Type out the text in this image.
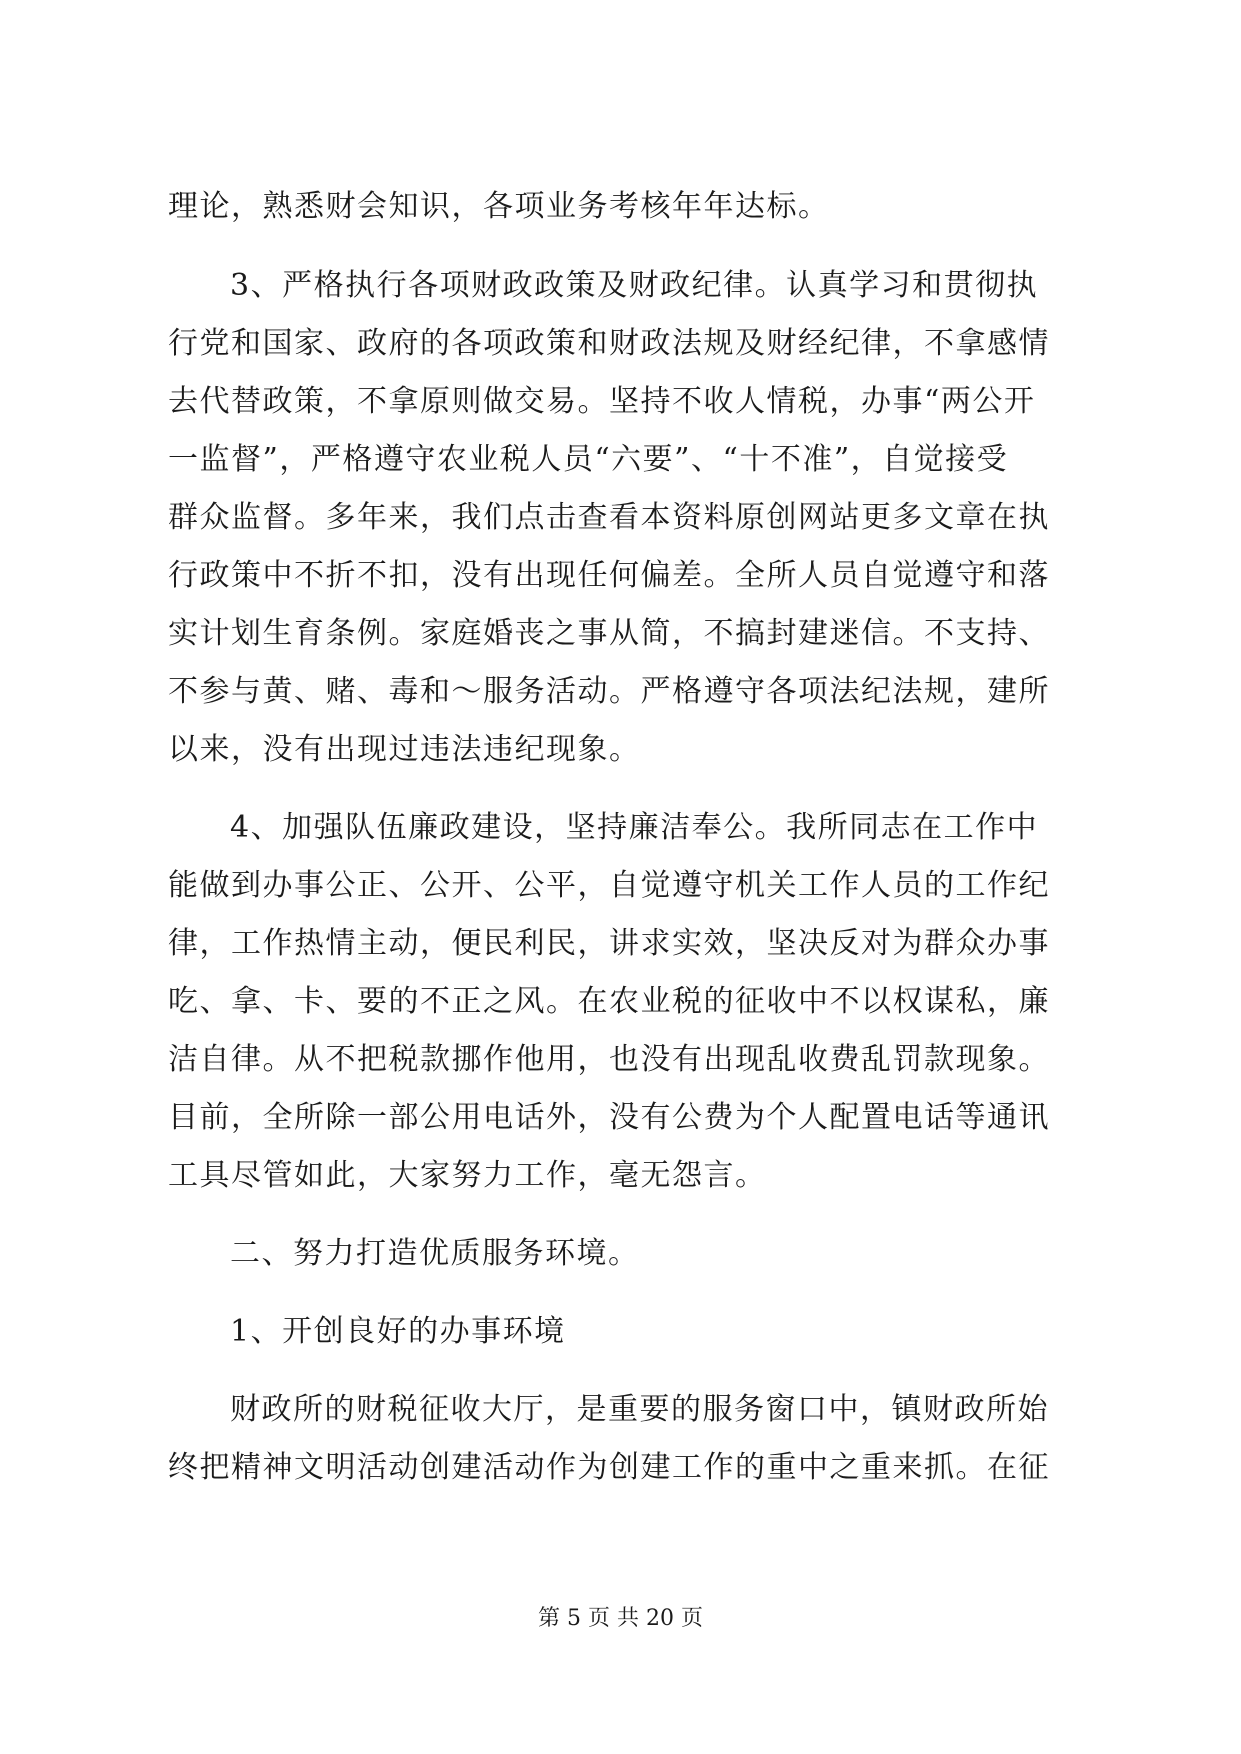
理论，熟悉财会知识，各项业务考核年年达标。
3、严格执行各项财政政策及财政纪律。认真学习和贯彻执
行党和国家、政府的各项政策和财政法规及财经纪律，不拿感情
去代替政策，不拿原则做交易。坚持不收人情税，办事“两公开
一监督”，严格遵守农业税人员“六要”、“十不准”，自觉接受
群众监督。多年来，我们点击查看本资料原创网站更多文章在执
行政策中不折不扣，没有出现任何偏差。全所人员自觉遵守和落
实计划生育条例。家庭婚丧之事从简，不搞封建迷信。不支持、
不参与黄、赌、毒和～服务活动。严格遵守各项法纪法规，建所
以来，没有出现过违法违纪现象。
4、加强队伍廉政建设，坚持廉洁奉公。我所同志在工作中
能做到办事公正、公开、公平，自觉遵守机关工作人员的工作纪
律，工作热情主动，便民利民，讲求实效，坚决反对为群众办事
吃、拿、卡、要的不正之风。在农业税的征收中不以权谋私，廉
洁自律。从不把税款挪作他用，也没有出现乱收费乱罚款现象。
目前，全所除一部公用电话外，没有公费为个人配置电话等通讯
工具尽管如此，大家努力工作，毫无怨言。
二、努力打造优质服务环境。
1、开创良好的办事环境
财政所的财税征收大厅，是重要的服务窗口中，镇财政所始
终把精神文明活动创建活动作为创建工作的重中之重来抓。在征
第 5 页 共 20 页
